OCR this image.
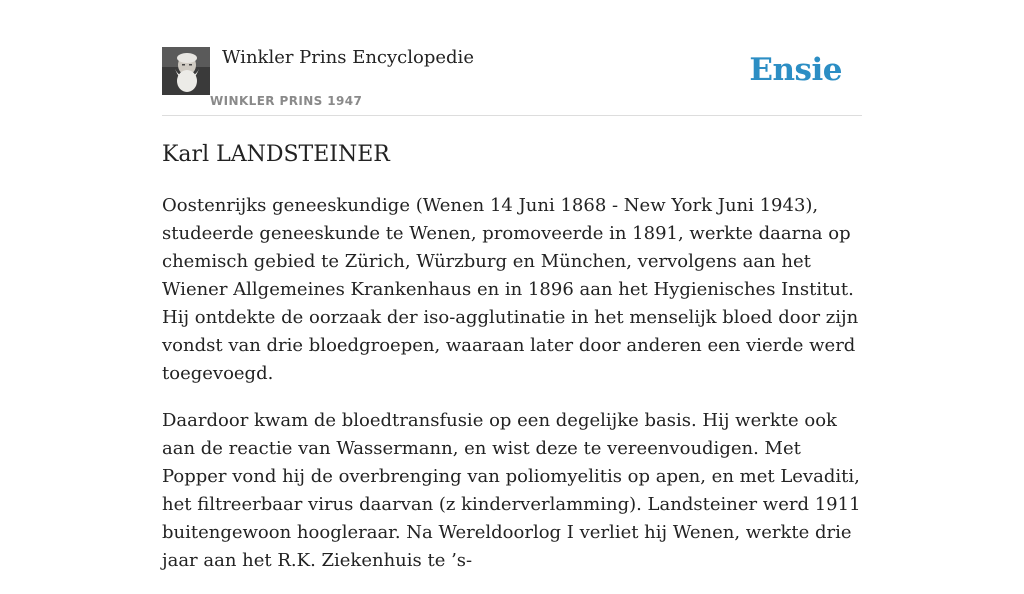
Winkler Prins Encyclopedie
WINKLER PRINS 1947
Ensie
Karl LANDSTEINER

Oostenrijks geneeskundige (Wenen 14 Juni 1868 - New York Juni 1943), studeerde geneeskunde te Wenen, promoveerde in 1891, werkte daarna op chemisch gebied te Zürich, Würzburg en München, vervolgens aan het Wiener Allgemeines Krankenhaus en in 1896 aan het Hygienisches Institut. Hij ontdekte de oorzaak der iso-agglutinatie in het menselijk bloed door zijn vondst van drie bloedgroepen, waaraan later door anderen een vierde werd toegevoegd.

Daardoor kwam de bloedtransfusie op een degelijke basis. Hij werkte ook aan de reactie van Wassermann, en wist deze te vereenvoudigen. Met Popper vond hij de overbrenging van poliomyelitis op apen, en met Levaditi, het filtreerbaar virus daarvan (z kinderverlamming). Landsteiner werd 1911 buitengewoon hoogleraar. Na Wereldoorlog I verliet hij Wenen, werkte drie jaar aan het R.K. Ziekenhuis te ’s-
